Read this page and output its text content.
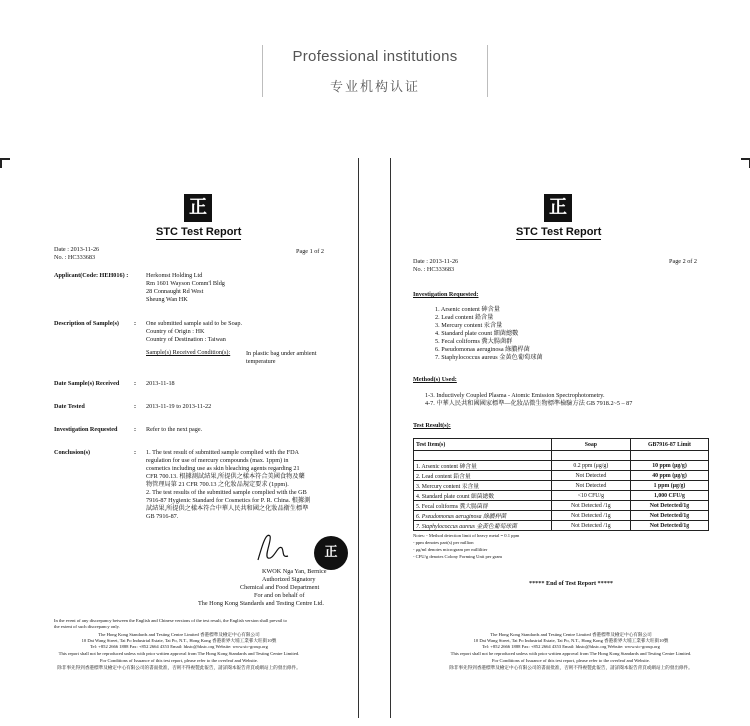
Professional institutions
专业机构认证
正
STC Test Report
Date : 2013-11-26
No. : HC333683
Page 1 of 2
Applicant(Code: HEH016) :	Herkomst Holding Ltd
Rm 1601 Wayson Comm'l Bldg
28 Connaught Rd West
Sheung Wan HK
Description of Sample(s) : One submitted sample said to be Soap.
Country of Origin : HK
Country of Destination : Taiwan
Sample(s) Received Condition(s):	In plastic bag under ambient
temperature
Date Sample(s) Received : 2013-11-18
Date Tested	: 2013-11-19 to 2013-11-22
Investigation Requested	: Refer to the next page.
Conclusion(s)	: 1. The test result of submitted sample complied with the FDA
regulation for use of mercury compounds (max. 1ppm) in
cosmetics including use as skin bleaching agents regarding 21
CFR 700.13. 根據測試結果,所提供之樣本符合美國食物及藥
物管理局第 21 CFR 700.13 之化妝品規定要求 (1ppm).
2. The test results of the submitted sample complied with the GB
7916-87 Hygienic Standard for Cosmetics for P. R. China. 根據測
試結果,所提供之樣本符合中華人民共和國之化妝品衛生標準
GB 7916-87.
正
KWOK Nga Yan, Bernice
Authorized Signatory
Chemical and Food Department
For and on behalf of
The Hong Kong Standards and Testing Centre Ltd.
In the event of any discrepancy between the English and Chinese versions of the test result, the English version shall prevail to
the extent of such discrepancy only.
The Hong Kong Standards and Testing Centre Limited 香港標準及檢定中心有限公司
10 Dai Wang Street, Tai Po Industrial Estate, Tai Po, N.T., Hong Kong 香港新界大埔工業邨大旺街10號
Tel: +852 2666 1888 Fax: +852 2664 4353 Email: hkstc@hkstc.org Website: www.stc-group.org
This report shall not be reproduced unless with prior written approval from The Hong Kong Standards and Testing Centre Limited.
For Conditions of Issuance of this test report, please refer to the overleaf and Website.
除非事先得到香港標準及檢定中心有限公司的書面批准，否則不得複製此報告，請詳閱本報告背頁或網站上的發出條件。
正
STC Test Report
Date : 2013-11-26
No. : HC333683
Page 2 of 2
Investigation Requested:
1. Arsenic content 砷含量
2. Lead content 鉛含量
3. Mercury content 汞含量
4. Standard plate count 細菌總數
5. Fecal coliforms 糞大腸菌群
6. Pseudomonas aeruginosa 綠膿桿菌
7. Staphylococcus aureus 金黃色葡萄球菌
Method(s) Used:
1-3. Inductively Coupled Plasma - Atomic Emission Spectrophotometry.
4-7. 中華人民共和國國家標準—化妝品微生物標準檢驗方法 GB 7918.2~5 – 87
Test Result(s):
Test Item(s)	Soap	GB7916-87 Limit

1. Arsenic content 砷含量	0.2 ppm (μg/g)	10 ppm (μg/g)
2. Lead content 鉛含量	Not Detected	40 ppm (μg/g)
3. Mercury content 汞含量	Not Detected	1 ppm (μg/g)
4. Standard plate count 細菌總數	<10 CFU/g	1,000 CFU/g
5. Fecal coliforms 糞大腸菌群	Not Detected /1g	Not Detected/1g
6. Pseudomonas aeruginosa 綠膿桿菌	Not Detected /1g	Not Detected/1g
7. Staphylococcus aureus 金黃色葡萄球菌	Not Detected /1g	Not Detected/1g
Notes: - Method detection limit of heavy metal = 0.1 ppm
- ppm denotes part(s) per million
- μg/ml denotes microgram per milliliter
- CFU/g denotes Colony Forming Unit per gram
***** End of Test Report *****
The Hong Kong Standards and Testing Centre Limited 香港標準及檢定中心有限公司
10 Dai Wang Street, Tai Po Industrial Estate, Tai Po, N.T., Hong Kong 香港新界大埔工業邨大旺街10號
Tel: +852 2666 1888 Fax: +852 2664 4353 Email: hkstc@hkstc.org Website: www.stc-group.org
This report shall not be reproduced unless with prior written approval from The Hong Kong Standards and Testing Centre Limited.
For Conditions of Issuance of this test report, please refer to the overleaf and Website.
除非事先得到香港標準及檢定中心有限公司的書面批准，否則不得複製此報告，請詳閱本報告背頁或網站上的發出條件。
